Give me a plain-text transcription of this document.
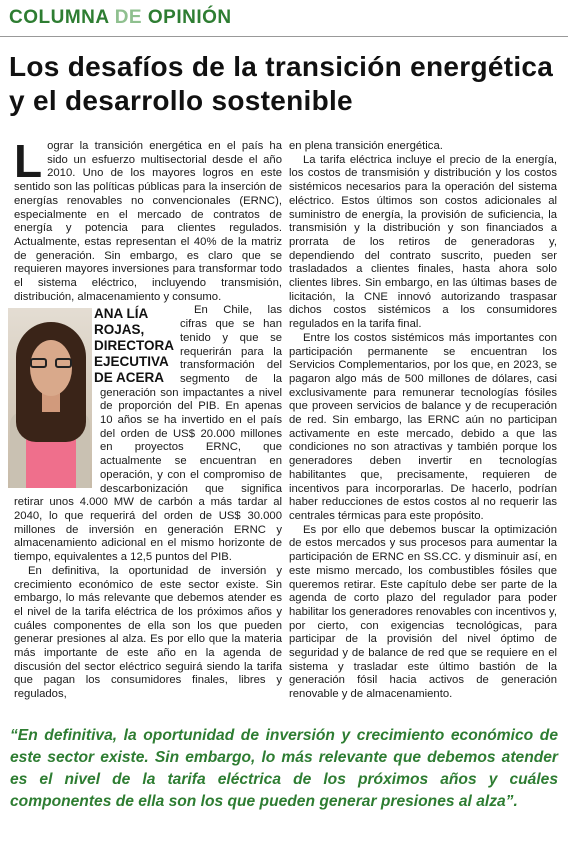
COLUMNA DE OPINIÓN
Los desafíos de la transición energética y el desarrollo sostenible

Lograr la transición energética en el país ha sido un esfuerzo multisectorial desde el año 2010. Uno de los mayores logros en este sentido son las políticas públicas para la inserción de energías renovables no convencionales (ERNC), especialmente en el mercado de contratos de energía y potencia para clientes regulados. Actualmente, estas representan el 40% de la matriz de generación. Sin embargo, es claro que se requieren mayores inversiones para transformar todo el sistema eléctrico, incluyendo transmisión, distribución, almacenamiento y consumo.

ANA LÍA ROJAS, DIRECTORA EJECUTIVA DE ACERA

En Chile, las cifras que se han tenido y que se requerirán para la transformación del segmento de la generación son impactantes a nivel de proporción del PIB. En apenas 10 años se ha invertido en el país del orden de US$ 20.000 millones en proyectos ERNC, que actualmente se encuentran en operación, y con el compromiso de descarbonización que significa retirar unos 4.000 MW de carbón a más tardar al 2040, lo que requerirá del orden de US$ 30.000 millones de inversión en generación ERNC y almacenamiento adicional en el mismo horizonte de tiempo, equivalentes a 12,5 puntos del PIB.

En definitiva, la oportunidad de inversión y crecimiento económico de este sector existe. Sin embargo, lo más relevante que debemos atender es el nivel de la tarifa eléctrica de los próximos años y cuáles componentes de ella son los que pueden generar presiones al alza. Es por ello que la materia más importante de este año en la agenda de discusión del sector eléctrico seguirá siendo la tarifa que pagan los consumidores finales, libres y regulados,

en plena transición energética.

La tarifa eléctrica incluye el precio de la energía, los costos de transmisión y distribución y los costos sistémicos necesarios para la operación del sistema eléctrico. Estos últimos son costos adicionales al suministro de energía, la provisión de suficiencia, la transmisión y la distribución y son financiados a prorrata de los retiros de generadoras y, dependiendo del contrato suscrito, pueden ser trasladados a clientes finales, hasta ahora solo clientes libres. Sin embargo, en las últimas bases de licitación, la CNE innovó autorizando traspasar dichos costos sistémicos a los consumidores regulados en la tarifa final.

Entre los costos sistémicos más importantes con participación permanente se encuentran los Servicios Complementarios, por los que, en 2023, se pagaron algo más de 500 millones de dólares, casi exclusivamente para remunerar tecnologías fósiles que proveen servicios de balance y de recuperación de red. Sin embargo, las ERNC aún no participan activamente en este mercado, debido a que las condiciones no son atractivas y también porque los generadores deben invertir en tecnologías habilitantes que, precisamente, requieren de incentivos para incorporarlas. De hacerlo, podrían haber reducciones de estos costos al no requerir las centrales térmicas para este propósito.

Es por ello que debemos buscar la optimización de estos mercados y sus procesos para aumentar la participación de ERNC en SS.CC. y disminuir así, en este mismo mercado, los combustibles fósiles que queremos retirar. Este capítulo debe ser parte de la agenda de corto plazo del regulador para poder habilitar los generadores renovables con incentivos y, por cierto, con exigencias tecnológicas, para participar de la provisión del nivel óptimo de seguridad y de balance de red que se requiere en el sistema y trasladar este último bastión de la generación fósil hacia activos de generación renovable y de almacenamiento.

“En definitiva, la oportunidad de inversión y crecimiento económico de este sector existe. Sin embargo, lo más relevante que debemos atender es el nivel de la tarifa eléctrica de los próximos años y cuáles componentes de ella son los que pueden generar presiones al alza”.
